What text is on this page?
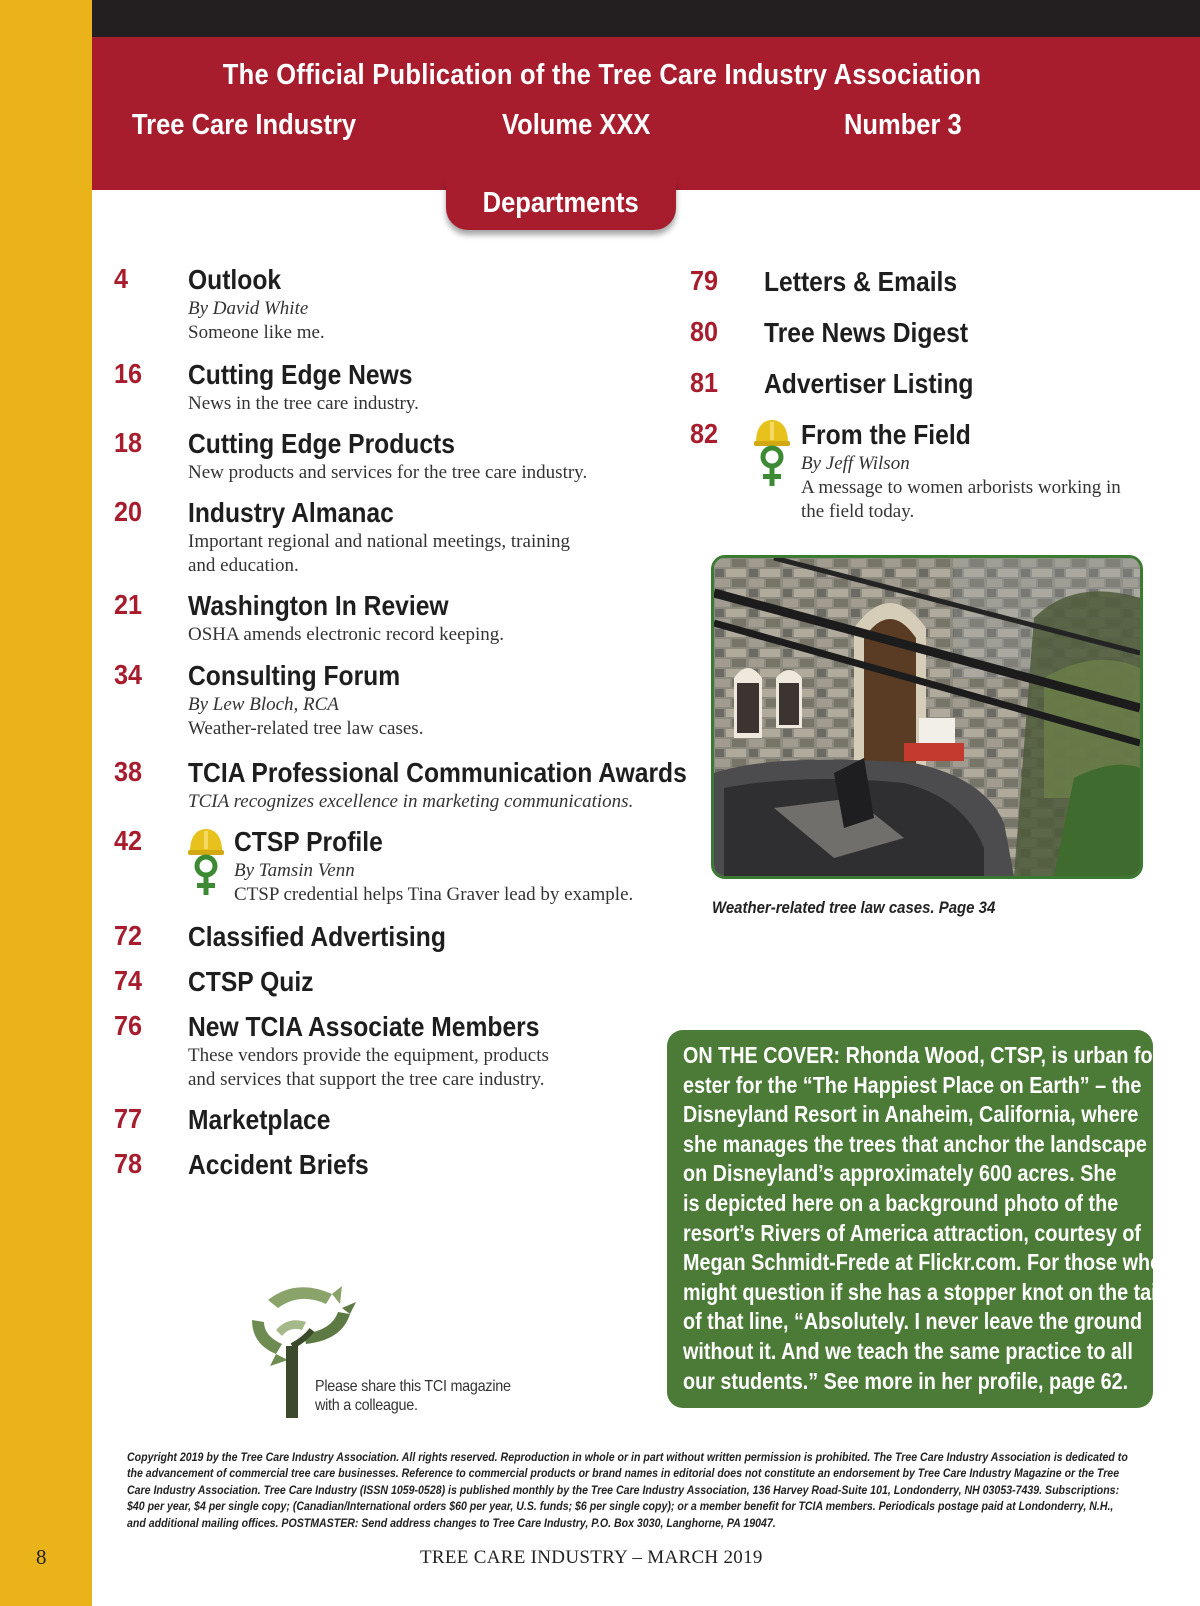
The Official Publication of the Tree Care Industry Association
Tree Care Industry	Volume XXX	Number 3
Departments
4 Outlook
By David White
Someone like me.
16 Cutting Edge News
News in the tree care industry.
18 Cutting Edge Products
New products and services for the tree care industry.
20 Industry Almanac
Important regional and national meetings, training
and education.
21 Washington In Review
OSHA amends electronic record keeping.
34 Consulting Forum
By Lew Bloch, RCA
Weather-related tree law cases.
38 TCIA Professional Communication Awards
TCIA recognizes excellence in marketing communications.
42	CTSP Profile
By Tamsin Venn
CTSP credential helps Tina Graver lead by example.
72 Classified Advertising
74 CTSP Quiz
76 New TCIA Associate Members
These vendors provide the equipment, products
and services that support the tree care industry.
77 Marketplace
78 Accident Briefs
79 Letters & Emails
80 Tree News Digest
81 Advertiser Listing
82	From the Field
By Jeff Wilson
A message to women arborists working in
the field today.
Weather-related tree law cases. Page 34
ON THE COVER: Rhonda Wood, CTSP, is urban for-
ester for the “The Happiest Place on Earth” – the
Disneyland Resort in Anaheim, California, where
she manages the trees that anchor the landscape
on Disneyland’s approximately 600 acres. She
is depicted here on a background photo of the
resort’s Rivers of America attraction, courtesy of
Megan Schmidt-Frede at Flickr.com. For those who
might question if she has a stopper knot on the tail
of that line, “Absolutely. I never leave the ground
without it. And we teach the same practice to all
our students.” See more in her profile, page 62.
Please share this TCI magazine
with a colleague.
Copyright 2019 by the Tree Care Industry Association. All rights reserved. Reproduction in whole or in part without written permission is prohibited. The Tree Care Industry Association is dedicated to
the advancement of commercial tree care businesses. Reference to commercial products or brand names in editorial does not constitute an endorsement by Tree Care Industry Magazine or the Tree
Care Industry Association. Tree Care Industry (ISSN 1059-0528) is published monthly by the Tree Care Industry Association, 136 Harvey Road-Suite 101, Londonderry, NH 03053-7439. Subscriptions:
$40 per year, $4 per single copy; (Canadian/International orders $60 per year, U.S. funds; $6 per single copy); or a member benefit for TCIA members. Periodicals postage paid at Londonderry, N.H.,
and additional mailing offices. POSTMASTER: Send address changes to Tree Care Industry, P.O. Box 3030, Langhorne, PA 19047.
8	TREE CARE INDUSTRY – MARCH 2019
